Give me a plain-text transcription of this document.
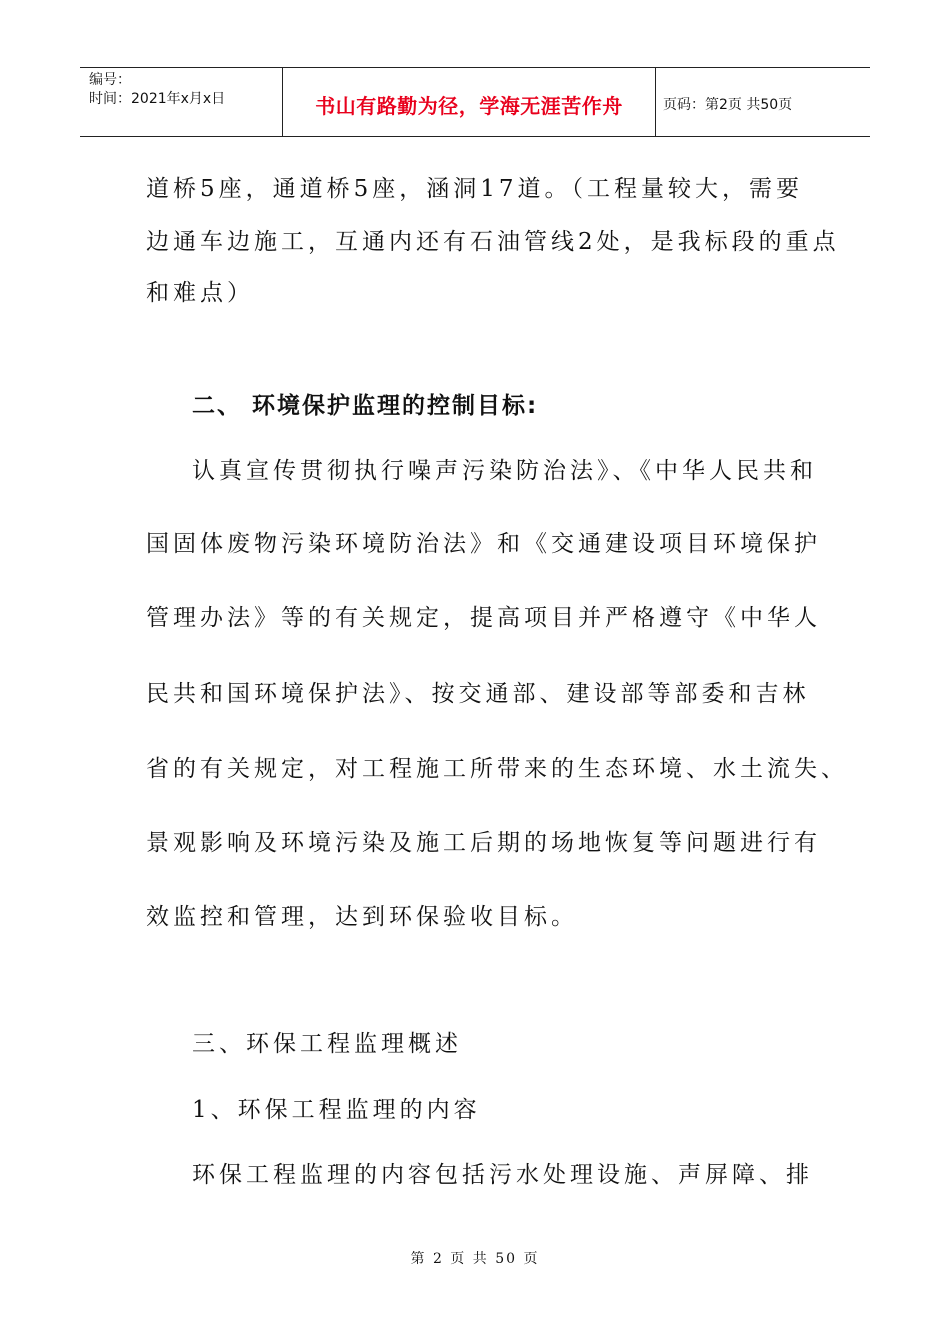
编号：
时间：2021年x月x日	书山有路勤为径，学海无涯苦作舟	页码：第2页 共50页
道桥5座，通道桥5座，涵洞17道。（工程量较大，需要
边通车边施工，互通内还有石油管线2处，是我标段的重点
和难点）
二、 环境保护监理的控制目标:
认真宣传贯彻执行噪声污染防治法》、《中华人民共和
国固体废物污染环境防治法》和《交通建设项目环境保护
管理办法》等的有关规定，提高项目并严格遵守《中华人
民共和国环境保护法》、按交通部、建设部等部委和吉林
省的有关规定，对工程施工所带来的生态环境、水土流失、
景观影响及环境污染及施工后期的场地恢复等问题进行有
效监控和管理，达到环保验收目标。
三、环保工程监理概述
1、环保工程监理的内容
环保工程监理的内容包括污水处理设施、声屏障、排
第 2 页 共 50 页
